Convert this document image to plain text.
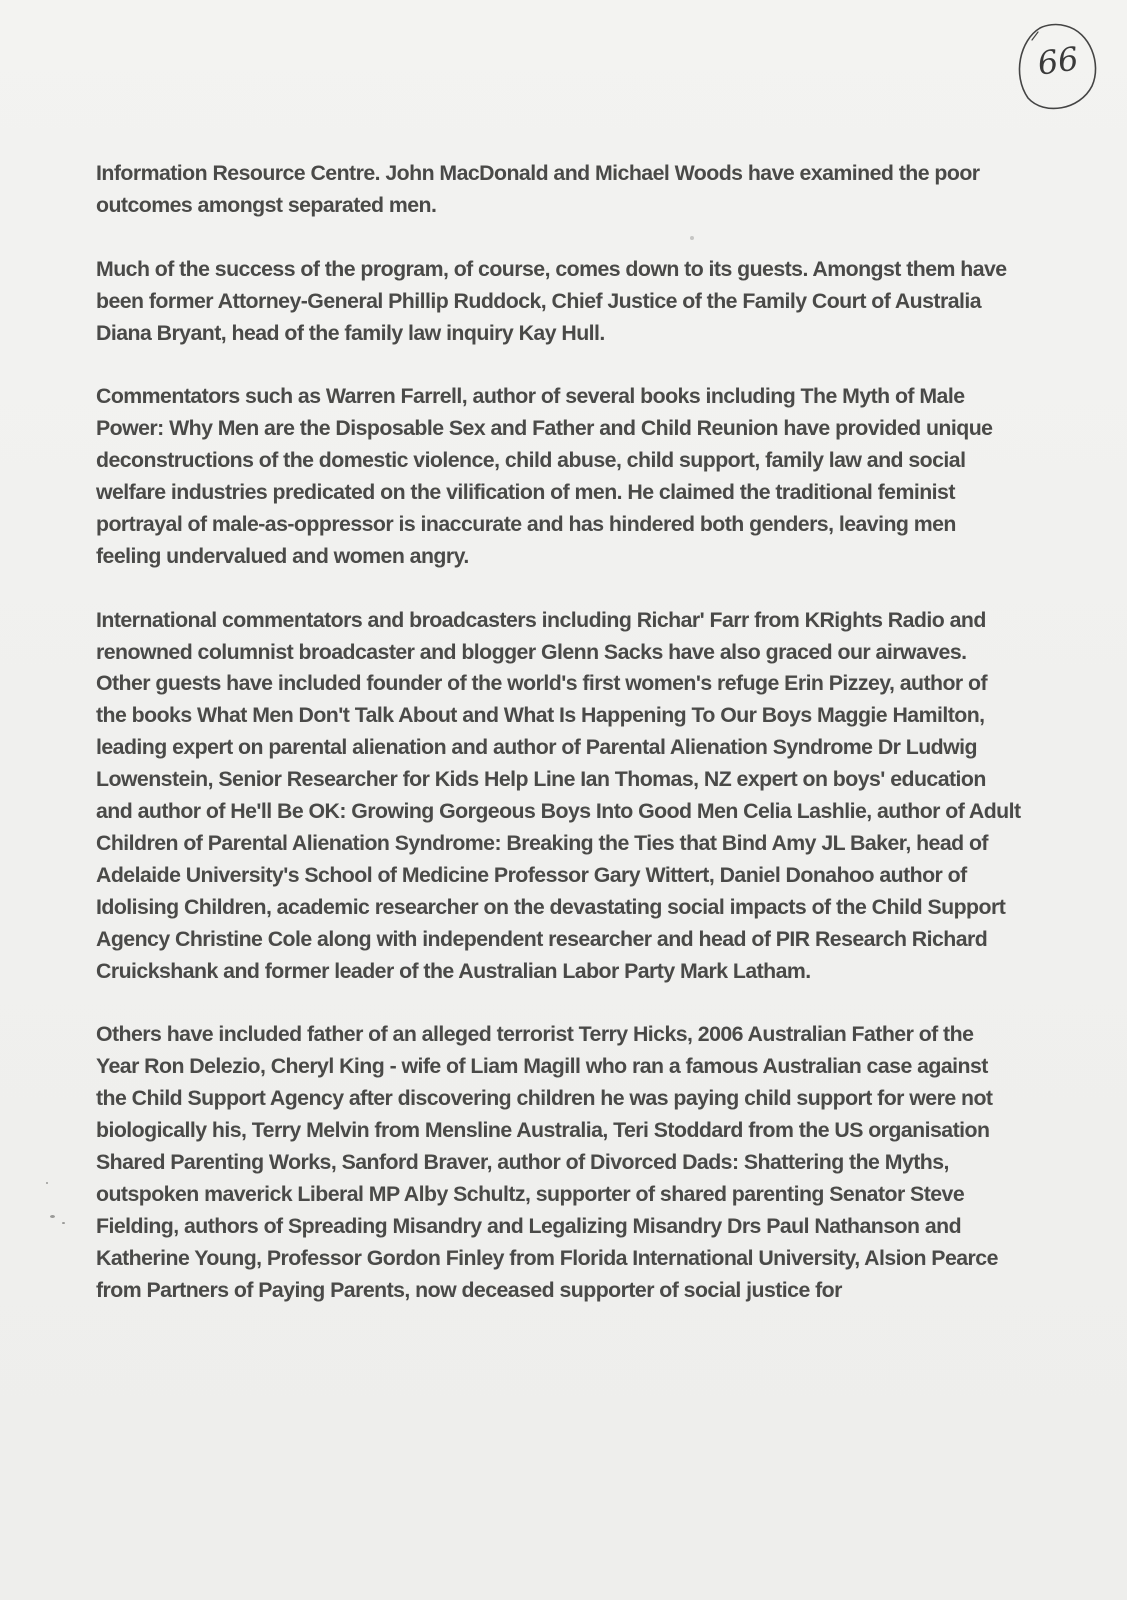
66

Information Resource Centre. John MacDonald and Michael Woods have examined the poor outcomes amongst separated men.

Much of the success of the program, of course, comes down to its guests. Amongst them have been former Attorney-General Phillip Ruddock, Chief Justice of the Family Court of Australia Diana Bryant, head of the family law inquiry Kay Hull.

Commentators such as Warren Farrell, author of several books including The Myth of Male Power: Why Men are the Disposable Sex and Father and Child Reunion have provided unique deconstructions of the domestic violence, child abuse, child support, family law and social welfare industries predicated on the vilification of men. He claimed the traditional feminist portrayal of male-as-oppressor is inaccurate and has hindered both genders, leaving men feeling undervalued and women angry.

International commentators and broadcasters including Richar' Farr from KRights Radio and renowned columnist broadcaster and blogger Glenn Sacks have also graced our airwaves. Other guests have included founder of the world's first women's refuge Erin Pizzey, author of the books What Men Don't Talk About and What Is Happening To Our Boys Maggie Hamilton, leading expert on parental alienation and author of Parental Alienation Syndrome Dr Ludwig Lowenstein, Senior Researcher for Kids Help Line Ian Thomas, NZ expert on boys' education and author of He'll Be OK: Growing Gorgeous Boys Into Good Men Celia Lashlie, author of Adult Children of Parental Alienation Syndrome: Breaking the Ties that Bind Amy JL Baker, head of Adelaide University's School of Medicine Professor Gary Wittert, Daniel Donahoo author of Idolising Children, academic researcher on the devastating social impacts of the Child Support Agency Christine Cole along with independent researcher and head of PIR Research Richard Cruickshank and former leader of the Australian Labor Party Mark Latham.

Others have included father of an alleged terrorist Terry Hicks, 2006 Australian Father of the Year Ron Delezio, Cheryl King - wife of Liam Magill who ran a famous Australian case against the Child Support Agency after discovering children he was paying child support for were not biologically his, Terry Melvin from Mensline Australia, Teri Stoddard from the US organisation Shared Parenting Works, Sanford Braver, author of Divorced Dads: Shattering the Myths, outspoken maverick Liberal MP Alby Schultz, supporter of shared parenting Senator Steve Fielding, authors of Spreading Misandry and Legalizing Misandry Drs Paul Nathanson and Katherine Young, Professor Gordon Finley from Florida International University, Alsion Pearce from Partners of Paying Parents, now deceased supporter of social justice for
